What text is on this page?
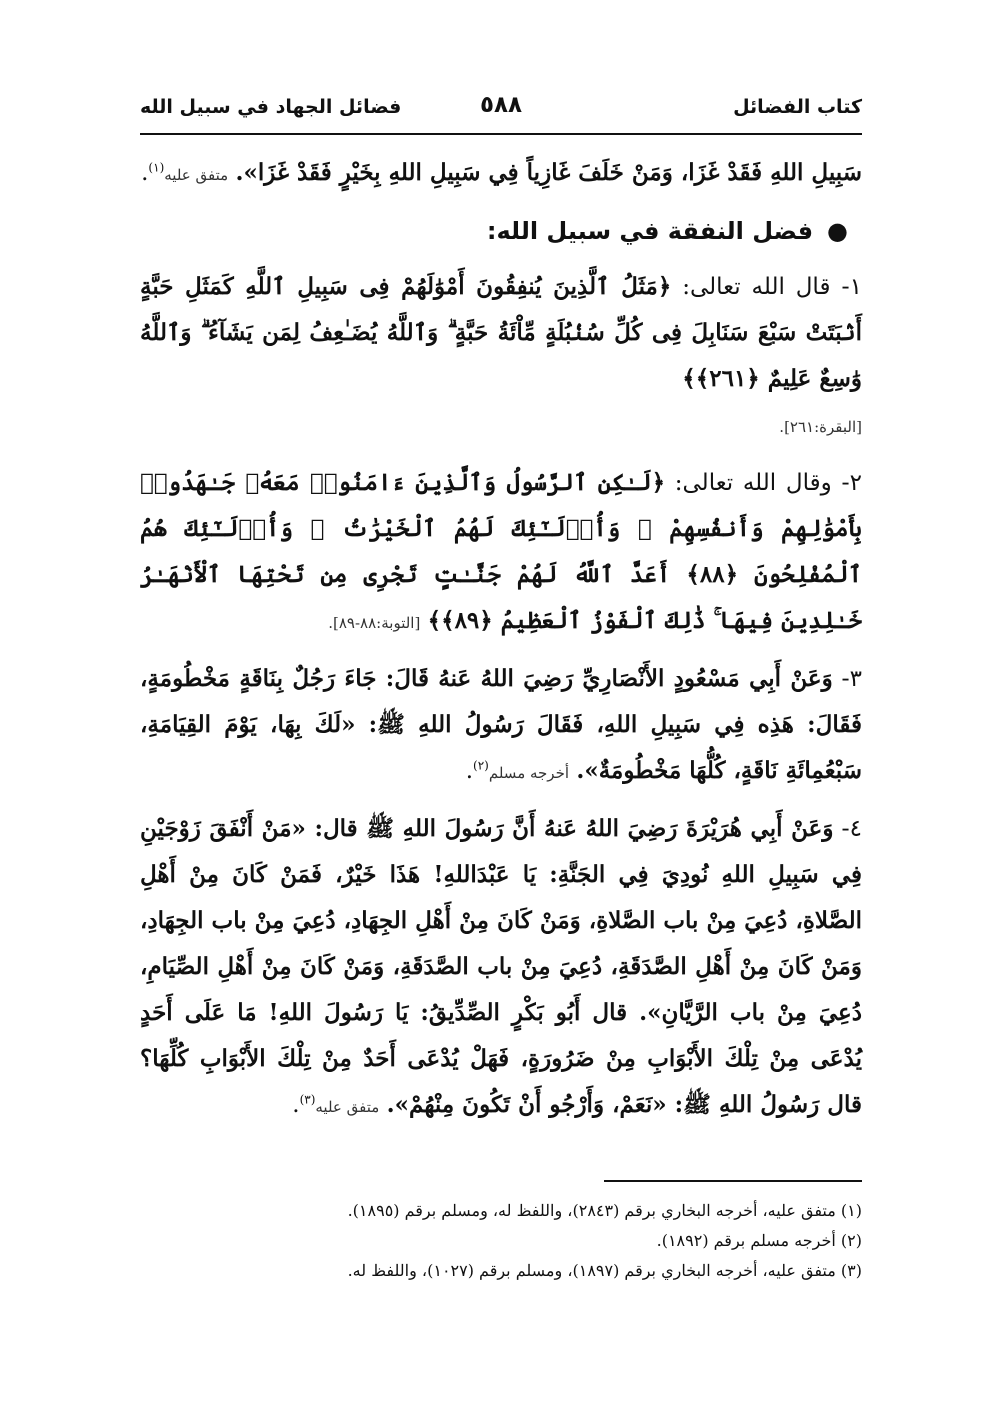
كتاب الفضائل
٥٨٨
فضائل الجهاد في سبيل الله

سَبِيلِ اللهِ فَقَدْ غَزَا، وَمَنْ خَلَفَ غَازِياً فِي سَبِيلِ اللهِ بِخَيْرٍ فَقَدْ غَزَا». متفق عليه$^{(١)}$.

●فضل النفقة في سبيل الله:

١- قال الله تعالى: ﴿مَثَلُ ٱلَّذِينَ يُنفِقُونَ أَمْوَٰلَهُمْ فِى سَبِيلِ ٱللَّهِ كَمَثَلِ حَبَّةٍ أَنۢبَتَتْ سَبْعَ سَنَابِلَ فِى كُلِّ سُنۢبُلَةٍ مِّاْئَةُ حَبَّةٍ ۗ وَٱللَّهُ يُضَـٰعِفُ لِمَن يَشَآءُ ۗ وَٱللَّهُ وَٰسِعٌ عَلِيمٌ ﴿٢٦١﴾﴾
[البقرة:٢٦١].

٢- وقال الله تعالى: ﴿لَـٰكِنِ ٱلرَّسُولُ وَٱلَّذِينَ ءَامَنُوا۟ مَعَهُۥ جَـٰهَدُوا۟ بِأَمْوَٰلِهِمْ وَأَنفُسِهِمْ ۚ وَأُو۟لَـٰٓئِكَ لَهُمُ ٱلْخَيْرَٰتُ ۖ وَأُو۟لَـٰٓئِكَ هُمُ ٱلْمُفْلِحُونَ ﴿٨٨﴾ أَعَدَّ ٱللَّهُ لَهُمْ جَنَّـٰتٍ تَجْرِى مِن تَحْتِهَا ٱلْأَنْهَـٰرُ خَـٰلِدِينَ فِيهَا ۚ ذَٰلِكَ ٱلْفَوْزُ ٱلْعَظِيمُ ﴿٨٩﴾﴾ [التوبة:٨٨-٨٩].

٣- وَعَنْ أَبِي مَسْعُودٍ الأَنْصَارِيِّ رَضِيَ اللهُ عَنهُ قَالَ: جَاءَ رَجُلٌ بِنَاقَةٍ مَخْطُومَةٍ، فَقَالَ: هَذِه فِي سَبِيلِ اللهِ، فَقَالَ رَسُولُ اللهِ ﷺ: «لَكَ بِهَا، يَوْمَ القِيَامَةِ، سَبْعُمِائَةِ نَاقَةٍ، كُلُّهَا مَخْطُومَةٌ». أخرجه مسلم$^{(٢)}$.

٤- وَعَنْ أَبِي هُرَيْرَةَ رَضِيَ اللهُ عَنهُ أَنَّ رَسُولَ اللهِ ﷺ قال: «مَنْ أَنْفَقَ زَوْجَيْنِ فِي سَبِيلِ اللهِ نُودِيَ فِي الجَنَّةِ: يَا عَبْدَاللهِ! هَذَا خَيْرٌ، فَمَنْ كَانَ مِنْ أَهْلِ الصَّلاةِ، دُعِيَ مِنْ باب الصَّلاةِ، وَمَنْ كَانَ مِنْ أَهْلِ الجِهَادِ، دُعِيَ مِنْ باب الجِهَادِ، وَمَنْ كَانَ مِنْ أَهْلِ الصَّدَقَةِ، دُعِيَ مِنْ باب الصَّدَقَةِ، وَمَنْ كَانَ مِنْ أَهْلِ الصِّيَامِ، دُعِيَ مِنْ باب الرَّيَّانِ». قال أَبُو بَكْرٍ الصِّدِّيقُ: يَا رَسُولَ اللهِ! مَا عَلَى أَحَدٍ يُدْعَى مِنْ تِلْكَ الأَبْوَابِ مِنْ ضَرُورَةٍ، فَهَلْ يُدْعَى أَحَدٌ مِنْ تِلْكَ الأَبْوَابِ كُلِّهَا؟ قال رَسُولُ اللهِ ﷺ: «نَعَمْ، وَأَرْجُو أَنْ تَكُونَ مِنْهُمْ». متفق عليه$^{(٣)}$.

(١) متفق عليه، أخرجه البخاري برقم (٢٨٤٣)، واللفظ له، ومسلم برقم (١٨٩٥).
(٢) أخرجه مسلم برقم (١٨٩٢).
(٣) متفق عليه، أخرجه البخاري برقم (١٨٩٧)، ومسلم برقم (١٠٢٧)، واللفظ له.
